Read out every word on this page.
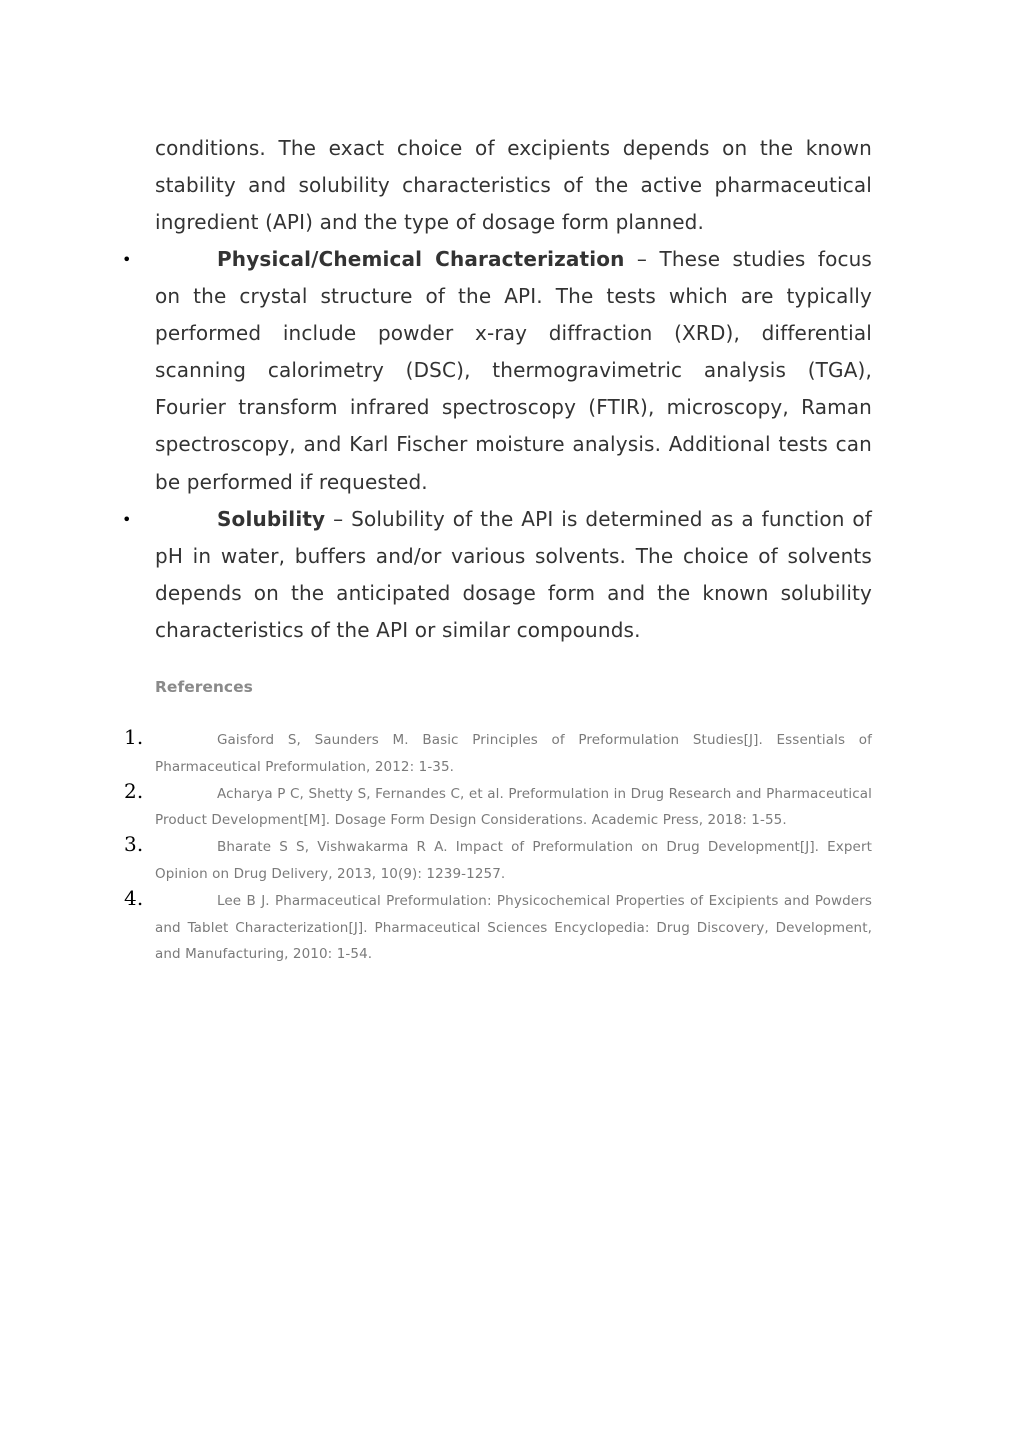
conditions. The exact choice of excipients depends on the known stability and solubility characteristics of the active pharmaceutical ingredient (API) and the type of dosage form planned.

•	Physical/Chemical Characterization – These studies focus on the crystal structure of the API. The tests which are typically performed include powder x-ray diffraction (XRD), differential scanning calorimetry (DSC), thermogravimetric analysis (TGA), Fourier transform infrared spectroscopy (FTIR), microscopy, Raman spectroscopy, and Karl Fischer moisture analysis. Additional tests can be performed if requested.
•	Solubility – Solubility of the API is determined as a function of pH in water, buffers and/or various solvents. The choice of solvents depends on the anticipated dosage form and the known solubility characteristics of the API or similar compounds.
References
1.	Gaisford S, Saunders M. Basic Principles of Preformulation Studies[J]. Essentials of Pharmaceutical Preformulation, 2012: 1-35.
2.	Acharya P C, Shetty S, Fernandes C, et al. Preformulation in Drug Research and Pharmaceutical Product Development[M]. Dosage Form Design Considerations. Academic Press, 2018: 1-55.
3.	Bharate S S, Vishwakarma R A. Impact of Preformulation on Drug Development[J]. Expert Opinion on Drug Delivery, 2013, 10(9): 1239-1257.
4.	Lee B J. Pharmaceutical Preformulation: Physicochemical Properties of Excipients and Powders and Tablet Characterization[J]. Pharmaceutical Sciences Encyclopedia: Drug Discovery, Development, and Manufacturing, 2010: 1-54.
